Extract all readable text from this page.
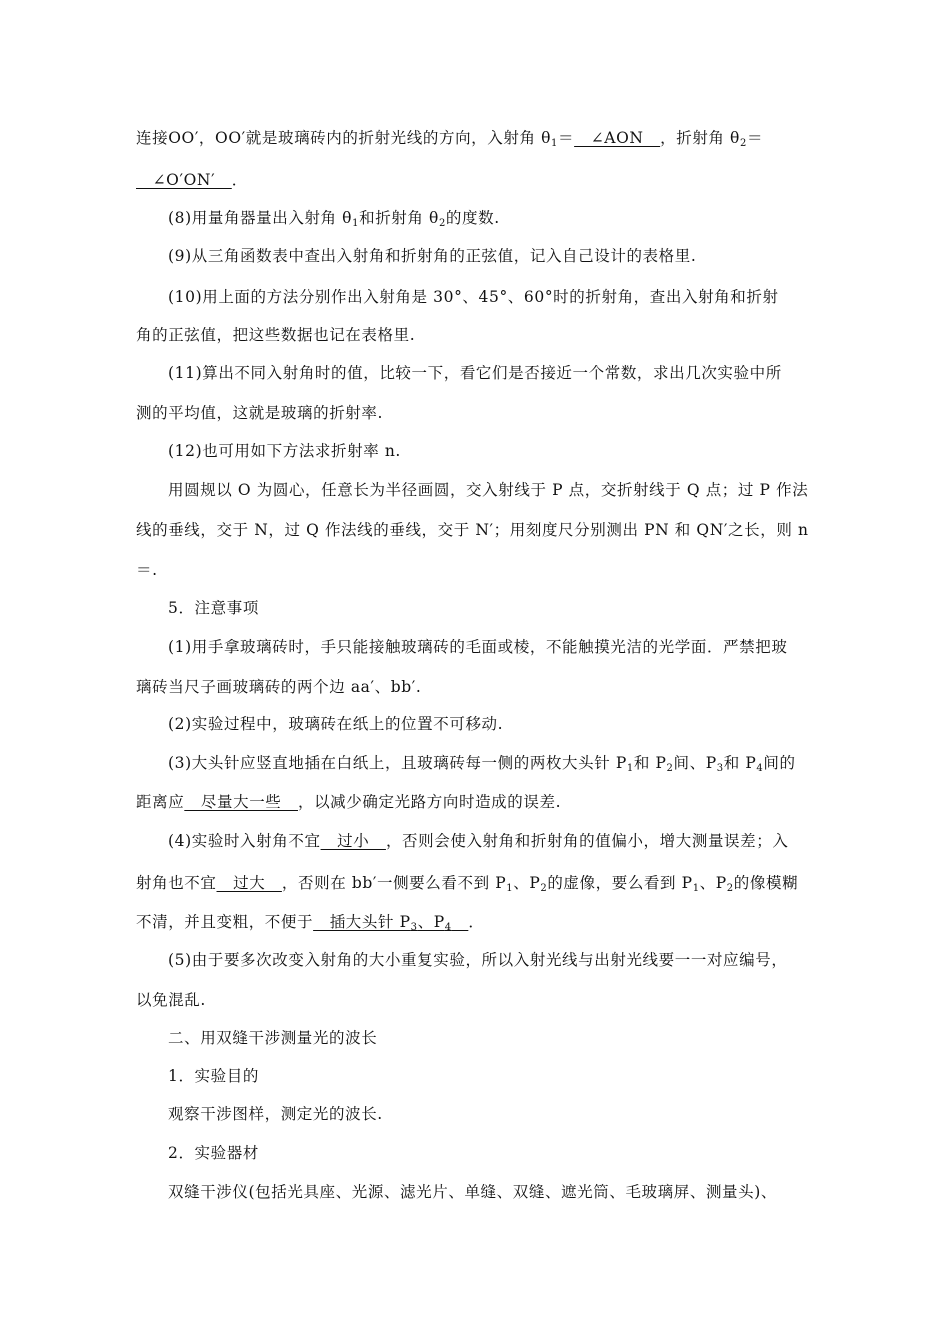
连接OO′，OO′就是玻璃砖内的折射光线的方向，入射角 $\theta_1=$   ∠AON   ，折射角 $\theta_2=$
∠O′ON′   ．
(8)用量角器量出入射角 $\theta_1$和折射角 $\theta_2$的度数.
(9)从三角函数表中查出入射角和折射角的正弦值，记入自己设计的表格里.
(10)用上面的方法分别作出入射角是 30°、45°、60°时的折射角，查出入射角和折射
角的正弦值，把这些数据也记在表格里.
(11)算出不同入射角时的值，比较一下，看它们是否接近一个常数，求出几次实验中所
测的平均值，这就是玻璃的折射率.
(12)也可用如下方法求折射率 n.
用圆规以 O 为圆心，任意长为半径画圆，交入射线于 P 点，交折射线于 Q 点；过 P 作法
线的垂线，交于 N，过 Q 作法线的垂线，交于 N′；用刻度尺分别测出 PN 和 QN′之长，则 n
＝.
5．注意事项
(1)用手拿玻璃砖时，手只能接触玻璃砖的毛面或棱，不能触摸光洁的光学面．严禁把玻
璃砖当尺子画玻璃砖的两个边 aa′、bb′.
(2)实验过程中，玻璃砖在纸上的位置不可移动.
(3)大头针应竖直地插在白纸上，且玻璃砖每一侧的两枚大头针 $P_1$和 $P_2$间、$P_3$和 $P_4$间的
距离应   尽量大一些   ，以减少确定光路方向时造成的误差.
(4)实验时入射角不宜   过小   ，否则会使入射角和折射角的值偏小，增大测量误差；入
射角也不宜   过大   ，否则在 bb′一侧要么看不到 $P_1$、$P_2$的虚像，要么看到 $P_1$、$P_2$的像模糊
不清，并且变粗，不便于   插大头针 $P_3$、$P_4$ ．
(5)由于要多次改变入射角的大小重复实验，所以入射光线与出射光线要一一对应编号，
以免混乱.
二、用双缝干涉测量光的波长
1．实验目的
观察干涉图样，测定光的波长.
2．实验器材
双缝干涉仪(包括光具座、光源、滤光片、单缝、双缝、遮光筒、毛玻璃屏、测量头)、
